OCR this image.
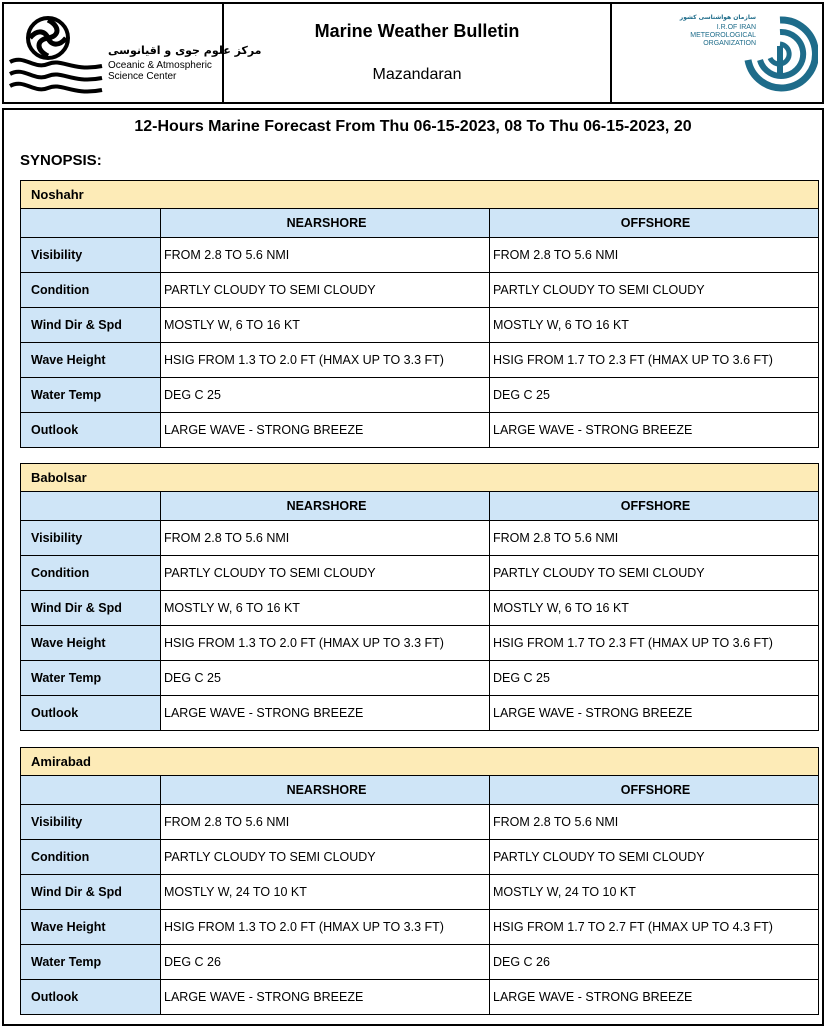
مرکز علوم جوی و اقیانوسی
Oceanic & Atmospheric
Science Center
Marine Weather Bulletin
Mazandaran
سازمان هواشناسی کشور
I.R.OF IRAN
METEOROLOGICAL
ORGANIZATION
12-Hours Marine Forecast From Thu 06-15-2023, 08 To Thu 06-15-2023, 20
SYNOPSIS:
Noshahr		
	NEARSHORE	OFFSHORE
Visibility	FROM 2.8 TO 5.6 NMI	FROM 2.8 TO 5.6 NMI
Condition	PARTLY CLOUDY TO SEMI CLOUDY	PARTLY CLOUDY TO SEMI CLOUDY
Wind Dir & Spd	MOSTLY W, 6 TO 16 KT	MOSTLY W, 6 TO 16 KT
Wave Height	HSIG FROM 1.3 TO 2.0 FT (HMAX UP TO 3.3 FT)	HSIG FROM 1.7 TO 2.3 FT (HMAX UP TO 3.6 FT)
Water Temp	DEG C 25	DEG C 25
Outlook	LARGE WAVE - STRONG BREEZE	LARGE WAVE - STRONG BREEZE
Babolsar		
	NEARSHORE	OFFSHORE
Visibility	FROM 2.8 TO 5.6 NMI	FROM 2.8 TO 5.6 NMI
Condition	PARTLY CLOUDY TO SEMI CLOUDY	PARTLY CLOUDY TO SEMI CLOUDY
Wind Dir & Spd	MOSTLY W, 6 TO 16 KT	MOSTLY W, 6 TO 16 KT
Wave Height	HSIG FROM 1.3 TO 2.0 FT (HMAX UP TO 3.3 FT)	HSIG FROM 1.7 TO 2.3 FT (HMAX UP TO 3.6 FT)
Water Temp	DEG C 25	DEG C 25
Outlook	LARGE WAVE - STRONG BREEZE	LARGE WAVE - STRONG BREEZE
Amirabad		
	NEARSHORE	OFFSHORE
Visibility	FROM 2.8 TO 5.6 NMI	FROM 2.8 TO 5.6 NMI
Condition	PARTLY CLOUDY TO SEMI CLOUDY	PARTLY CLOUDY TO SEMI CLOUDY
Wind Dir & Spd	MOSTLY W, 24 TO 10 KT	MOSTLY W, 24 TO 10 KT
Wave Height	HSIG FROM 1.3 TO 2.0 FT (HMAX UP TO 3.3 FT)	HSIG FROM 1.7 TO 2.7 FT (HMAX UP TO 4.3 FT)
Water Temp	DEG C 26	DEG C 26
Outlook	LARGE WAVE - STRONG BREEZE	LARGE WAVE - STRONG BREEZE
